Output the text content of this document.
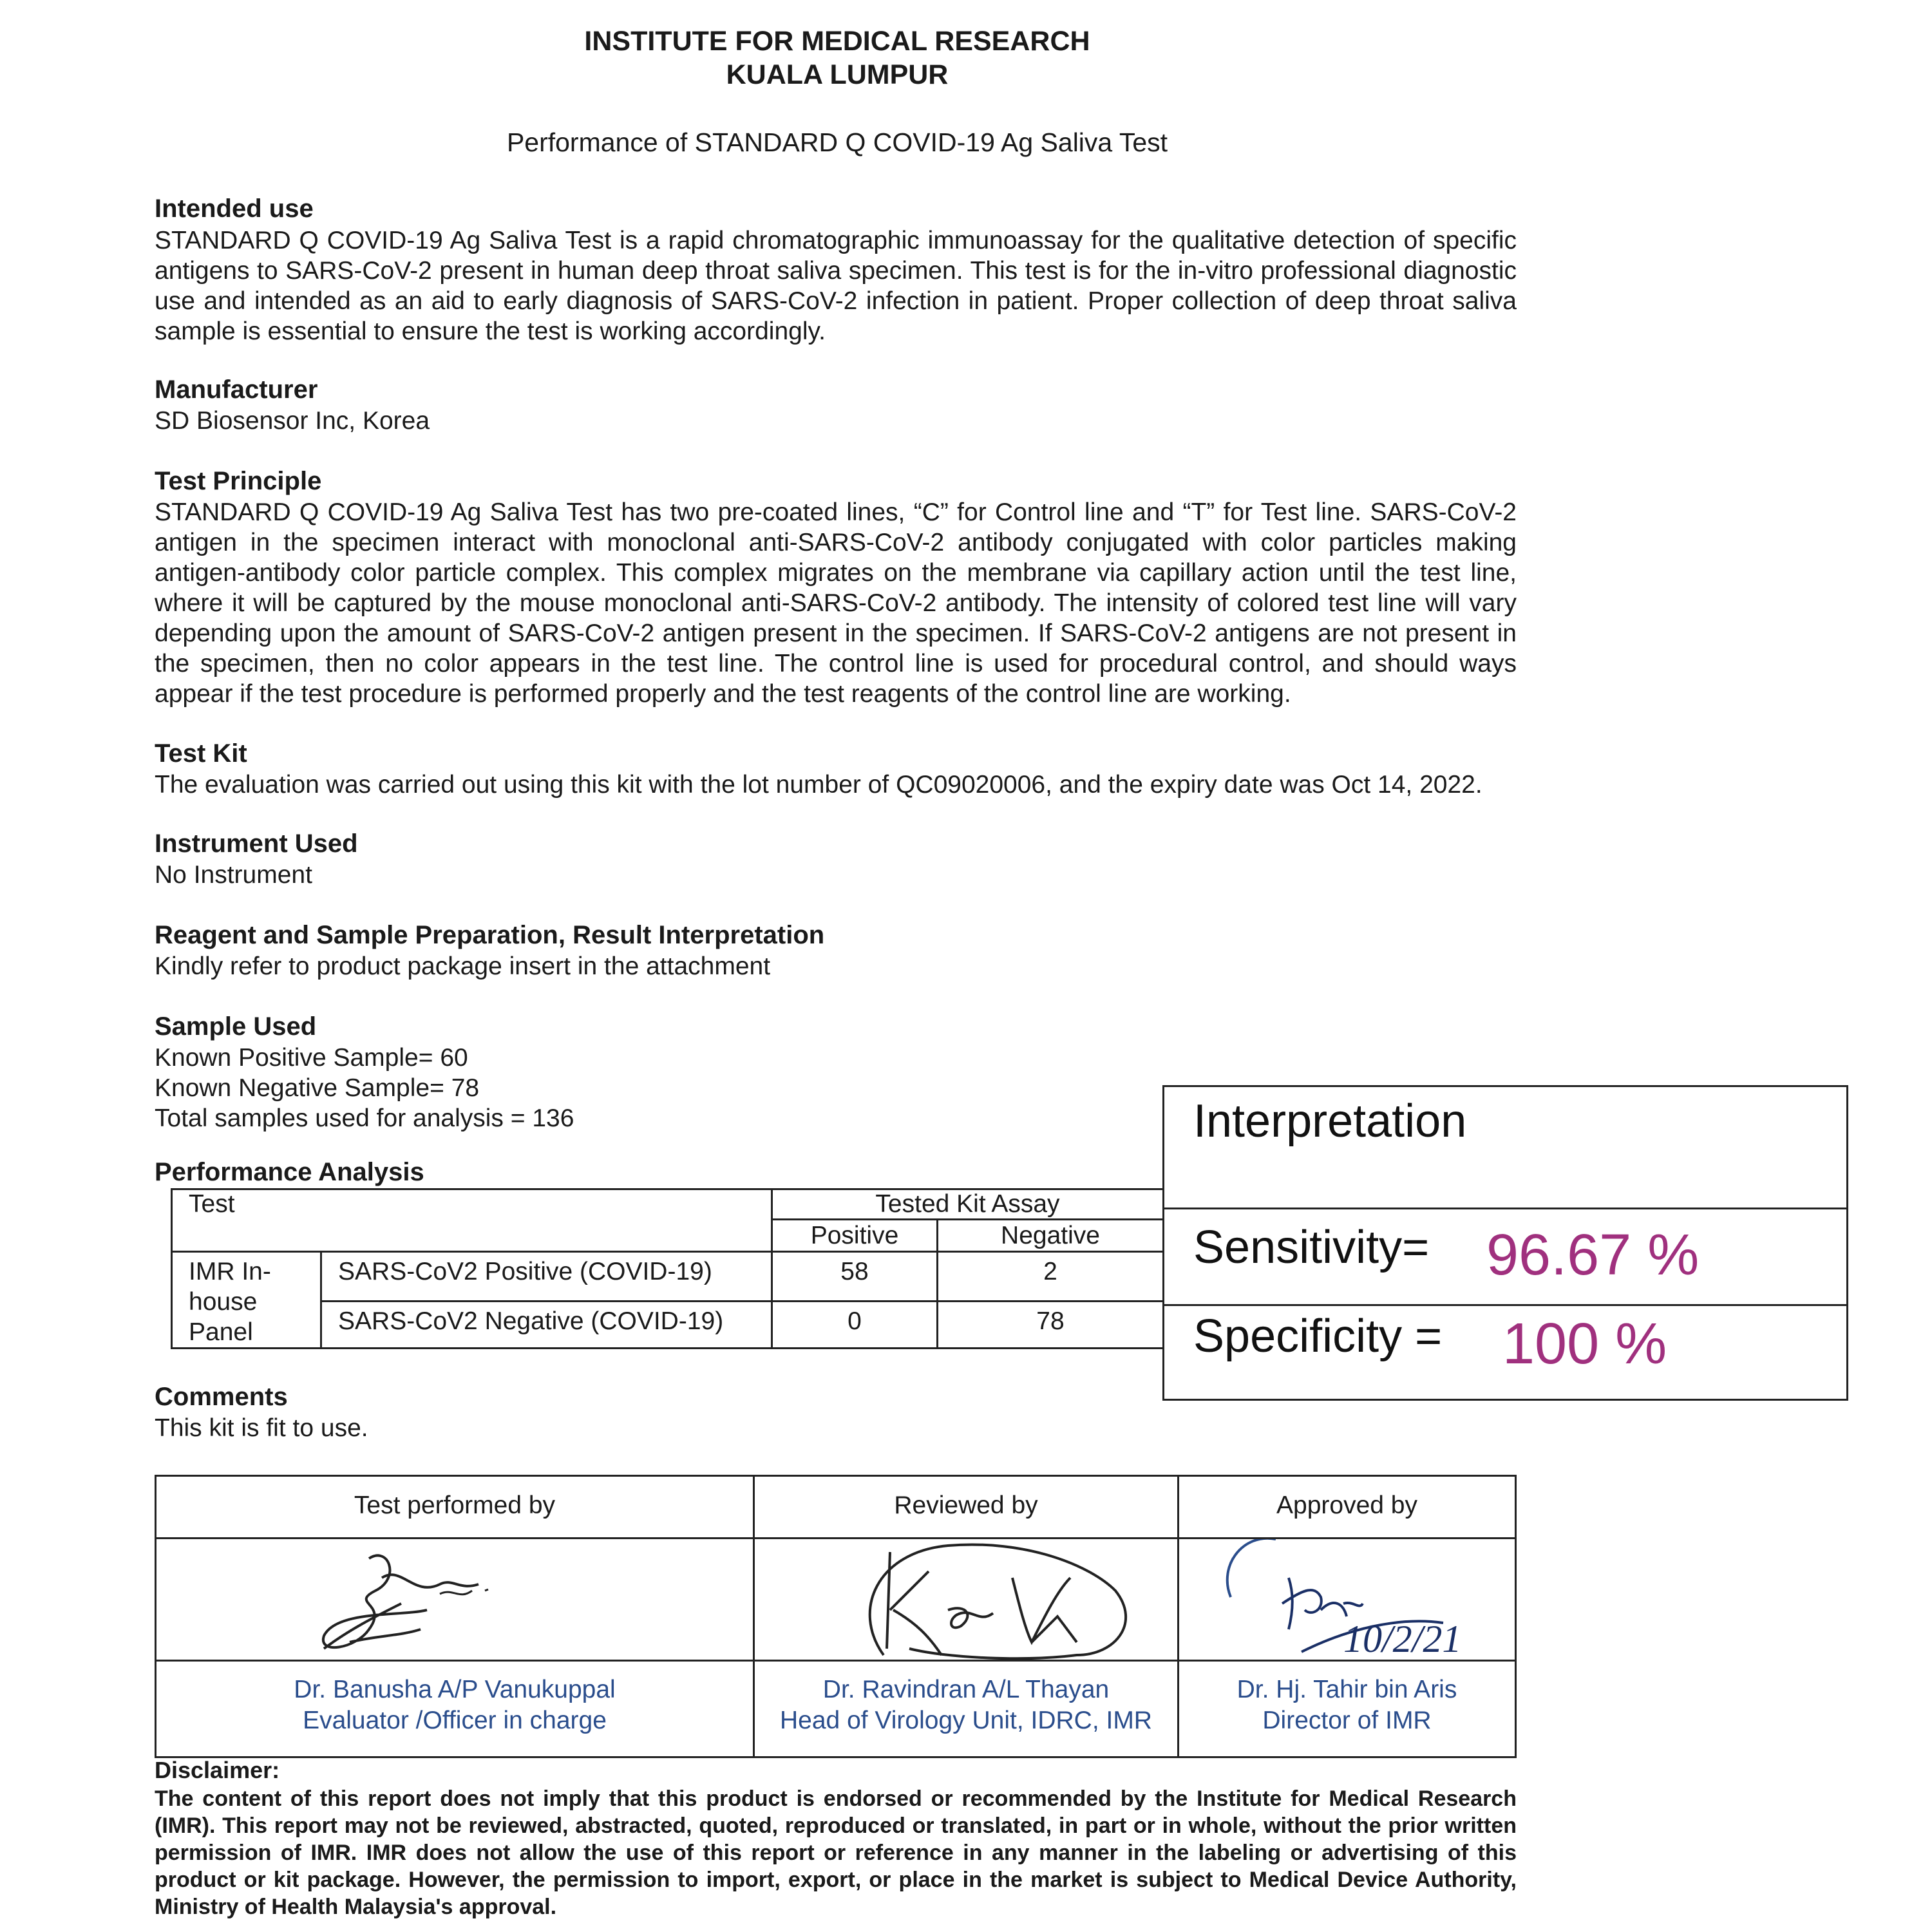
INSTITUTE FOR MEDICAL RESEARCH
KUALA LUMPUR
Performance of STANDARD Q COVID-19 Ag Saliva Test
Intended use
STANDARD Q COVID-19 Ag Saliva Test is a rapid chromatographic immunoassay for the qualitative detection of specific antigens to SARS-CoV-2 present in human deep throat saliva specimen. This test is for the in-vitro professional diagnostic use and intended as an aid to early diagnosis of SARS-CoV-2 infection in patient. Proper collection of deep throat saliva sample is essential to ensure the test is working accordingly.
Manufacturer
SD Biosensor Inc, Korea
Test Principle
STANDARD Q COVID-19 Ag Saliva Test has two pre-coated lines, “C” for Control line and “T” for Test line. SARS-CoV-2 antigen in the specimen interact with monoclonal anti-SARS-CoV-2 antibody conjugated with color particles making antigen-antibody color particle complex. This complex migrates on the membrane via capillary action until the test line, where it will be captured by the mouse monoclonal anti-SARS-CoV-2 antibody. The intensity of colored test line will vary depending upon the amount of SARS-CoV-2 antigen present in the specimen. If SARS-CoV-2 antigens are not present in the specimen, then no color appears in the test line. The control line is used for procedural control, and should ways appear if the test procedure is performed properly and the test reagents of the control line are working.
Test Kit
The evaluation was carried out using this kit with the lot number of QC09020006, and the expiry date was Oct 14, 2022.
Instrument Used
No Instrument
Reagent and Sample Preparation, Result Interpretation
Kindly refer to product package insert in the attachment
Sample Used
Known Positive Sample= 60
Known Negative Sample= 78
Total samples used for analysis = 136
Performance Analysis
Test	Tested Kit Assay
Positive	Negative
IMR In-house Panel
SARS-CoV2 Positive (COVID-19)	58	2
SARS-CoV2 Negative (COVID-19)	0	78
Interpretation
Sensitivity= 96.67 %
Specificity = 100 %
Comments
This kit is fit to use.
Test performed by	Reviewed by	Approved by
10/2/21
Dr. Banusha A/P Vanukuppal
Evaluator /Officer in charge
Dr. Ravindran A/L Thayan
Head of Virology Unit, IDRC, IMR
Dr. Hj. Tahir bin Aris
Director of IMR
Disclaimer:
The content of this report does not imply that this product is endorsed or recommended by the Institute for Medical Research (IMR). This report may not be reviewed, abstracted, quoted, reproduced or translated, in part or in whole, without the prior written permission of IMR. IMR does not allow the use of this report or reference in any manner in the labeling or advertising of this product or kit package. However, the permission to import, export, or place in the market is subject to Medical Device Authority, Ministry of Health Malaysia's approval.
